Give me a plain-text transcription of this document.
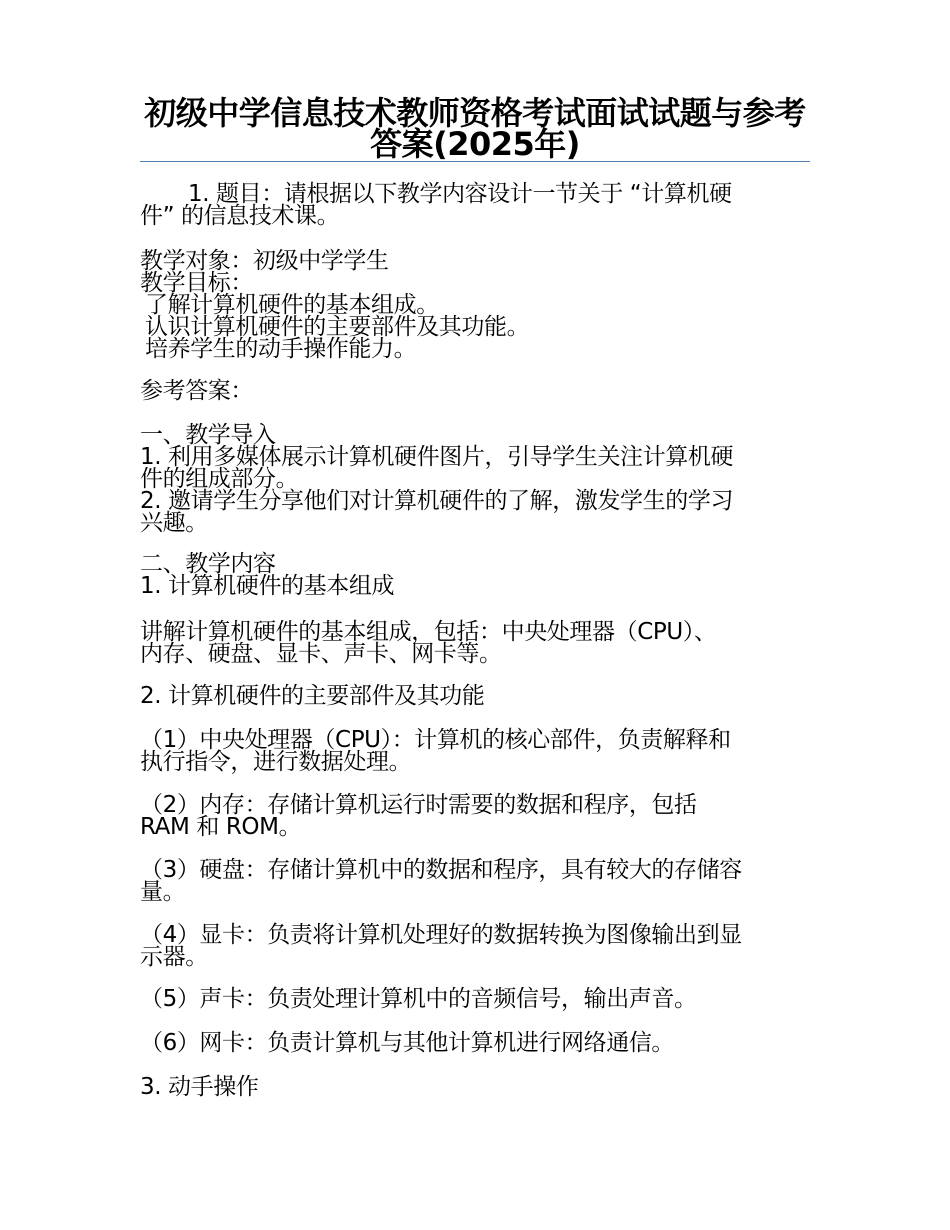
初级中学信息技术教师资格考试面试试题与参考答案(2025年)

1. 题目：请根据以下教学内容设计一节关于 “计算机硬

件” 的信息技术课。

教学对象：初级中学学生

教学目标：

了解计算机硬件的基本组成。

认识计算机硬件的主要部件及其功能。

培养学生的动手操作能力。

参考答案：

一、教学导入

1. 利用多媒体展示计算机硬件图片，引导学生关注计算机硬

件的组成部分。

2. 邀请学生分享他们对计算机硬件的了解，激发学生的学习

兴趣。

二、教学内容

1. 计算机硬件的基本组成

讲解计算机硬件的基本组成，包括：中央处理器（CPU）、

内存、硬盘、显卡、声卡、网卡等。

2. 计算机硬件的主要部件及其功能

（1）中央处理器（CPU）：计算机的核心部件，负责解释和

执行指令，进行数据处理。

（2）内存：存储计算机运行时需要的数据和程序，包括

RAM 和 ROM。

（3）硬盘：存储计算机中的数据和程序，具有较大的存储容

量。

（4）显卡：负责将计算机处理好的数据转换为图像输出到显

示器。

（5）声卡：负责处理计算机中的音频信号，输出声音。

（6）网卡：负责计算机与其他计算机进行网络通信。

3. 动手操作
